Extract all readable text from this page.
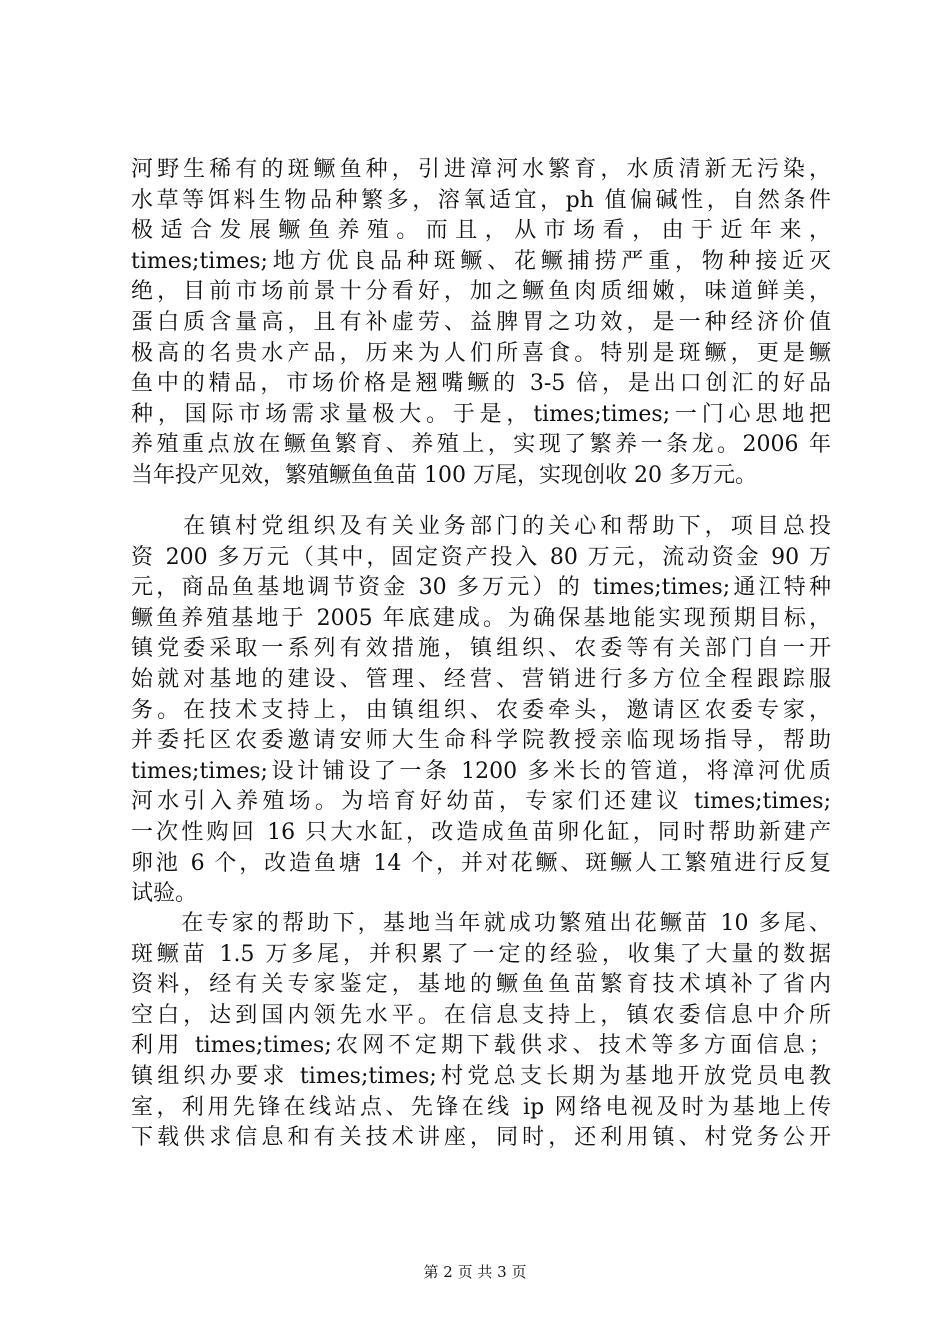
河野生稀有的斑鳜鱼种，引进漳河水繁育，水质清新无污染，
水草等饵料生物品种繁多，溶氧适宜，ph 值偏碱性，自然条件
极适合发展鳜鱼养殖。而且，从市场看，由于近年来，
times;times;地方优良品种斑鳜、花鳜捕捞严重，物种接近灭
绝，目前市场前景十分看好，加之鳜鱼肉质细嫩，味道鲜美，
蛋白质含量高，且有补虚劳、益脾胃之功效，是一种经济价值
极高的名贵水产品，历来为人们所喜食。特别是斑鳜，更是鳜
鱼中的精品，市场价格是翘嘴鳜的 3-5 倍，是出口创汇的好品
种，国际市场需求量极大。于是，times;times;一门心思地把
养殖重点放在鳜鱼繁育、养殖上，实现了繁养一条龙。2006 年
当年投产见效，繁殖鳜鱼鱼苗 100 万尾，实现创收 20 多万元。
　　在镇村党组织及有关业务部门的关心和帮助下，项目总投
资 200 多万元（其中，固定资产投入 80 万元，流动资金 90 万
元，商品鱼基地调节资金 30 多万元）的 times;times;通江特种
鳜鱼养殖基地于 2005 年底建成。为确保基地能实现预期目标，
镇党委采取一系列有效措施，镇组织、农委等有关部门自一开
始就对基地的建设、管理、经营、营销进行多方位全程跟踪服
务。在技术支持上，由镇组织、农委牵头，邀请区农委专家，
并委托区农委邀请安师大生命科学院教授亲临现场指导，帮助
times;times;设计铺设了一条 1200 多米长的管道，将漳河优质
河水引入养殖场。为培育好幼苗，专家们还建议 times;times;
一次性购回 16 只大水缸，改造成鱼苗卵化缸，同时帮助新建产
卵池 6 个，改造鱼塘 14 个，并对花鳜、斑鳜人工繁殖进行反复
试验。
　　在专家的帮助下，基地当年就成功繁殖出花鳜苗 10 多尾、
斑鳜苗 1.5 万多尾，并积累了一定的经验，收集了大量的数据
资料，经有关专家鉴定，基地的鳜鱼鱼苗繁育技术填补了省内
空白，达到国内领先水平。在信息支持上，镇农委信息中介所
利用 times;times;农网不定期下载供求、技术等多方面信息；
镇组织办要求 times;times;村党总支长期为基地开放党员电教
室，利用先锋在线站点、先锋在线 ip 网络电视及时为基地上传
下载供求信息和有关技术讲座，同时，还利用镇、村党务公开
第 2 页 共 3 页
